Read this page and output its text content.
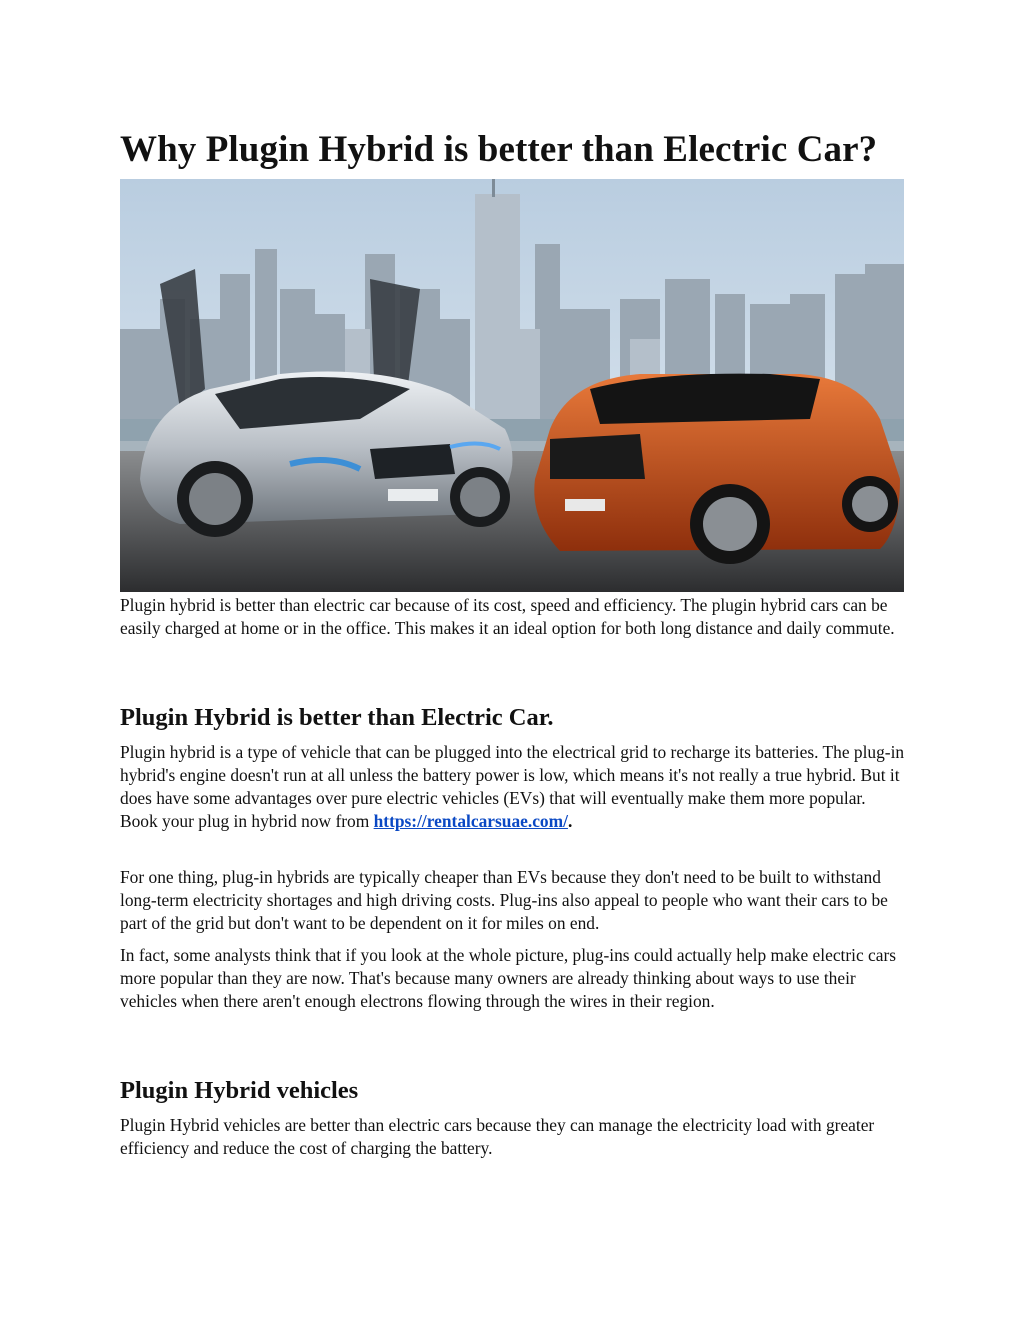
Why Plugin Hybrid is better than Electric Car?

Plugin hybrid is better than electric car because of its cost, speed and efficiency. The plugin hybrid cars can be easily charged at home or in the office. This makes it an ideal option for both long distance and daily commute.

Plugin Hybrid is better than Electric Car.

Plugin hybrid is a type of vehicle that can be plugged into the electrical grid to recharge its batteries. The plug-in hybrid's engine doesn't run at all unless the battery power is low, which means it's not really a true hybrid. But it does have some advantages over pure electric vehicles (EVs) that will eventually make them more popular. Book your plug in hybrid now from https://rentalcarsuae.com/.

For one thing, plug-in hybrids are typically cheaper than EVs because they don't need to be built to withstand long-term electricity shortages and high driving costs. Plug-ins also appeal to people who want their cars to be part of the grid but don't want to be dependent on it for miles on end.

In fact, some analysts think that if you look at the whole picture, plug-ins could actually help make electric cars more popular than they are now. That's because many owners are already thinking about ways to use their vehicles when there aren't enough electrons flowing through the wires in their region.

Plugin Hybrid vehicles

Plugin Hybrid vehicles are better than electric cars because they can manage the electricity load with greater efficiency and reduce the cost of charging the battery.
